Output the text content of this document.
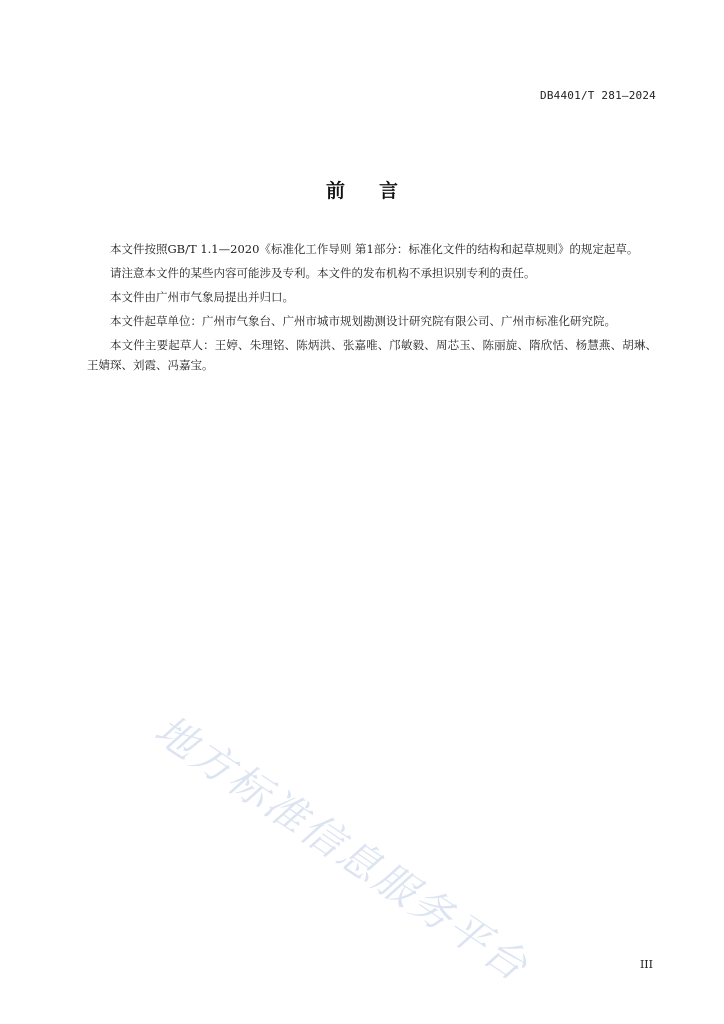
DB4401/T 281—2024
前言

本文件按照GB/T 1.1—2020《标准化工作导则 第1部分：标准化文件的结构和起草规则》的规定起草。

请注意本文件的某些内容可能涉及专利。本文件的发布机构不承担识别专利的责任。

本文件由广州市气象局提出并归口。

本文件起草单位：广州市气象台、广州市城市规划勘测设计研究院有限公司、广州市标准化研究院。

本文件主要起草人：王婷、朱理铭、陈炳洪、张嘉唯、邝敏毅、周芯玉、陈丽旋、隋欣恬、杨慧燕、胡琳、王婧琛、刘霞、冯嘉宝。

地方标准信息服务平台	III
